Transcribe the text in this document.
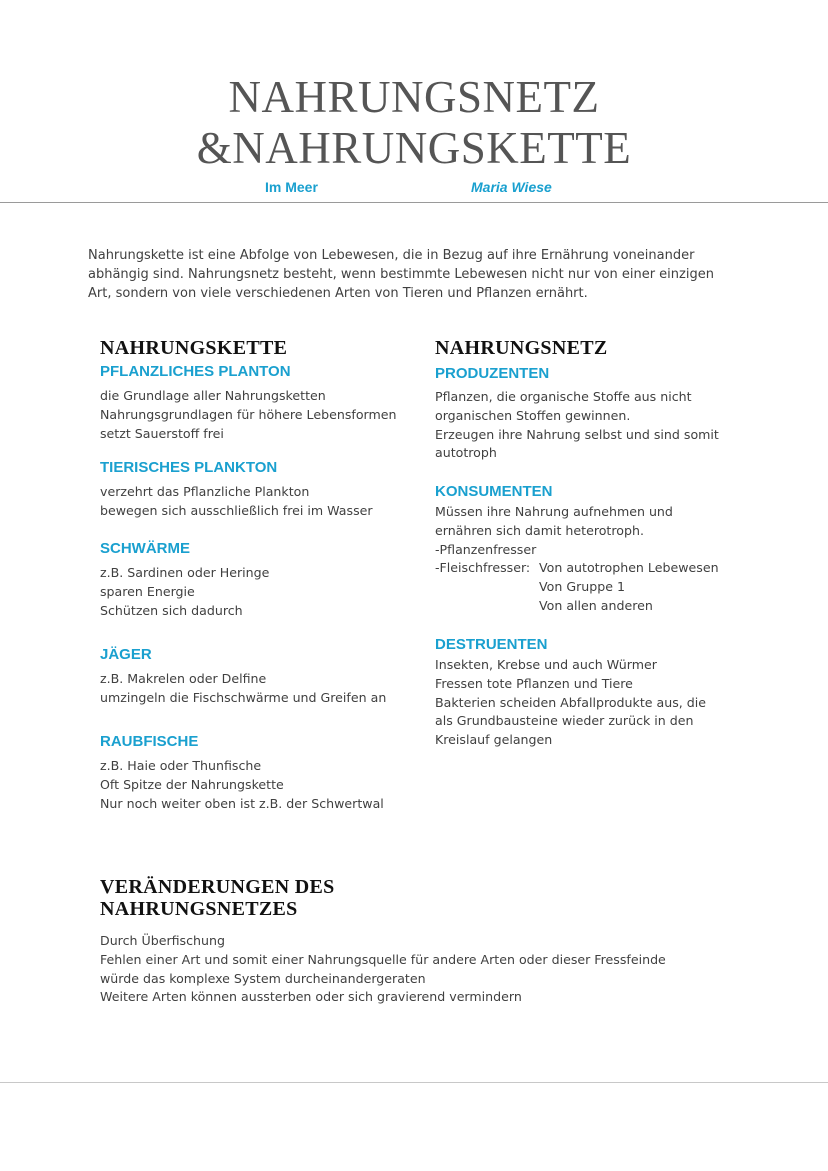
NAHRUNGSNETZ
&NAHRUNGSKETTE
Im Meer	Maria Wiese

Nahrungskette ist eine Abfolge von Lebewesen, die in Bezug auf ihre Ernährung voneinander abhängig sind. Nahrungsnetz besteht, wenn bestimmte Lebewesen nicht nur von einer einzigen Art, sondern von viele verschiedenen Arten von Tieren und Pflanzen ernährt.

NAHRUNGSKETTE
PFLANZLICHES PLANTON
die Grundlage aller Nahrungsketten
Nahrungsgrundlagen für höhere Lebensformen
setzt Sauerstoff frei
TIERISCHES PLANKTON
verzehrt das Pflanzliche Plankton
bewegen sich ausschließlich frei im Wasser
SCHWÄRME
z.B. Sardinen oder Heringe
sparen Energie
Schützen sich dadurch
JÄGER
z.B. Makrelen oder Delfine
umzingeln die Fischschwärme und Greifen an
RAUBFISCHE
z.B. Haie oder Thunfische
Oft Spitze der Nahrungskette
Nur noch weiter oben ist z.B. der Schwertwal
NAHRUNGSNETZ
PRODUZENTEN
Pflanzen, die organische Stoffe aus nicht
organischen Stoffen gewinnen.
Erzeugen ihre Nahrung selbst und sind somit
autotroph
KONSUMENTEN
Müssen ihre Nahrung aufnehmen und
ernähren sich damit heterotroph.
-Pflanzenfresser
-Fleischfresser: Von autotrophen Lebewesen
Von Gruppe 1
Von allen anderen
DESTRUENTEN
Insekten, Krebse und auch Würmer
Fressen tote Pflanzen und Tiere
Bakterien scheiden Abfallprodukte aus, die
als Grundbausteine wieder zurück in den
Kreislauf gelangen
VERÄNDERUNGEN DES
NAHRUNGSNETZES
Durch Überfischung
Fehlen einer Art und somit einer Nahrungsquelle für andere Arten oder dieser Fressfeinde
würde das komplexe System durcheinandergeraten
Weitere Arten können aussterben oder sich gravierend vermindern
